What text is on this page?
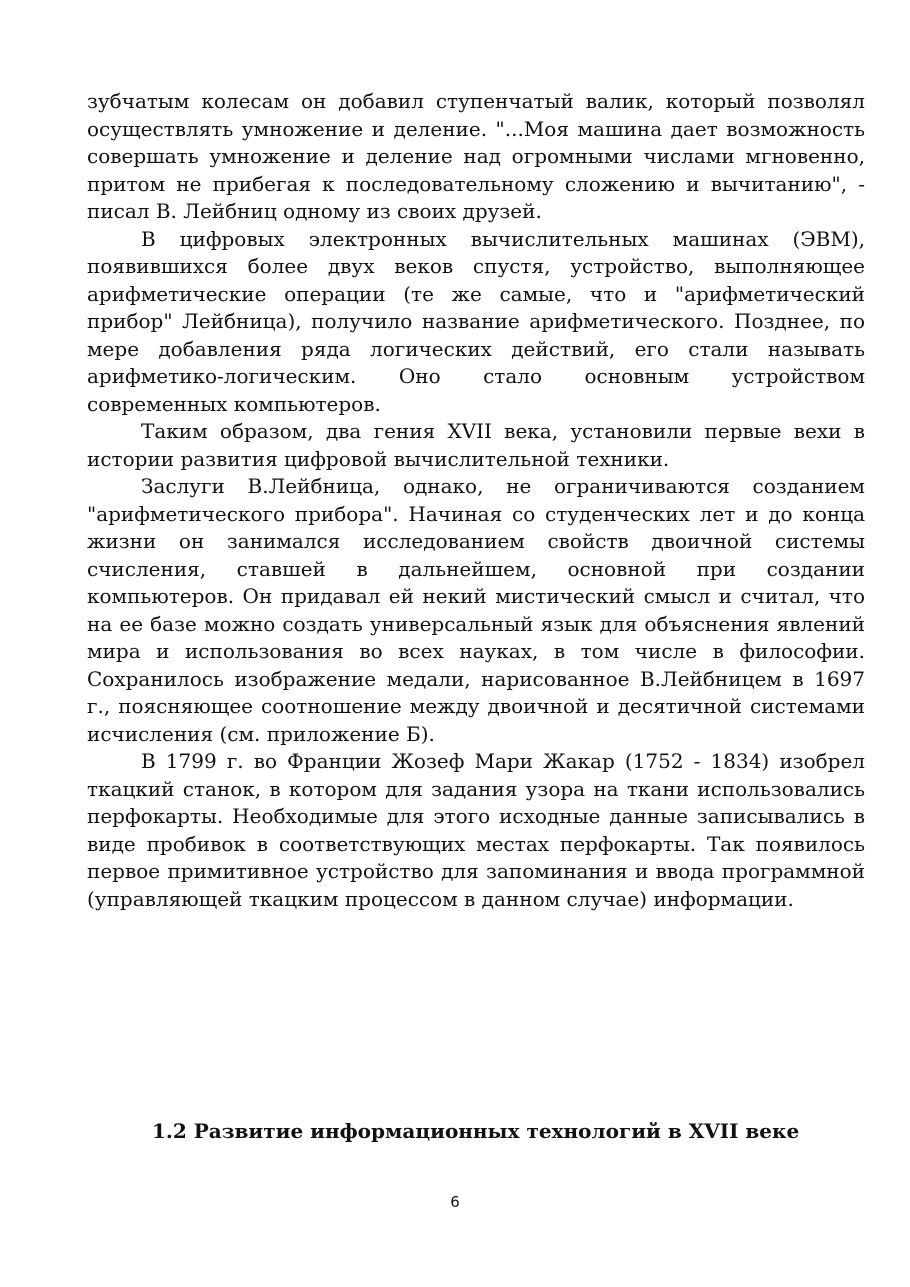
зубчатым колесам он добавил ступенчатый валик, который позволял осуществлять умножение и деление. "...Моя машина дает возможность совершать умножение и деление над огромными числами мгновенно, притом не прибегая к последовательному сложению и вычитанию", - писал В. Лейбниц одному из своих друзей.

В цифровых электронных вычислительных машинах (ЭВМ), появившихся более двух веков спустя, устройство, выполняющее арифметические операции (те же самые, что и "арифметический прибор" Лейбница), получило название арифметического. Позднее, по мере добавления ряда логических действий, его стали называть арифметико-логическим. Оно стало основным устройством современных компьютеров.

Таким образом, два гения XVII века, установили первые вехи в истории развития цифровой вычислительной техники.

Заслуги В.Лейбница, однако, не ограничиваются созданием "арифметического прибора". Начиная со студенческих лет и до конца жизни он занимался исследованием свойств двоичной системы счисления, ставшей в дальнейшем, основной при создании компьютеров. Он придавал ей некий мистический смысл и считал, что на ее базе можно создать универсальный язык для объяснения явлений мира и использования во всех науках, в том числе в философии. Сохранилось изображение медали, нарисованное В.Лейбницем в 1697 г., поясняющее соотношение между двоичной и десятичной системами исчисления (см. приложение Б).

В 1799 г. во Франции Жозеф Мари Жакар (1752 - 1834) изобрел ткацкий станок, в котором для задания узора на ткани использовались перфокарты. Необходимые для этого исходные данные записывались в виде пробивок в соответствующих местах перфокарты. Так появилось первое примитивное устройство для запоминания и ввода программной (управляющей ткацким процессом в данном случае) информации.

1.2 Развитие информационных технологий в XVII веке
6
